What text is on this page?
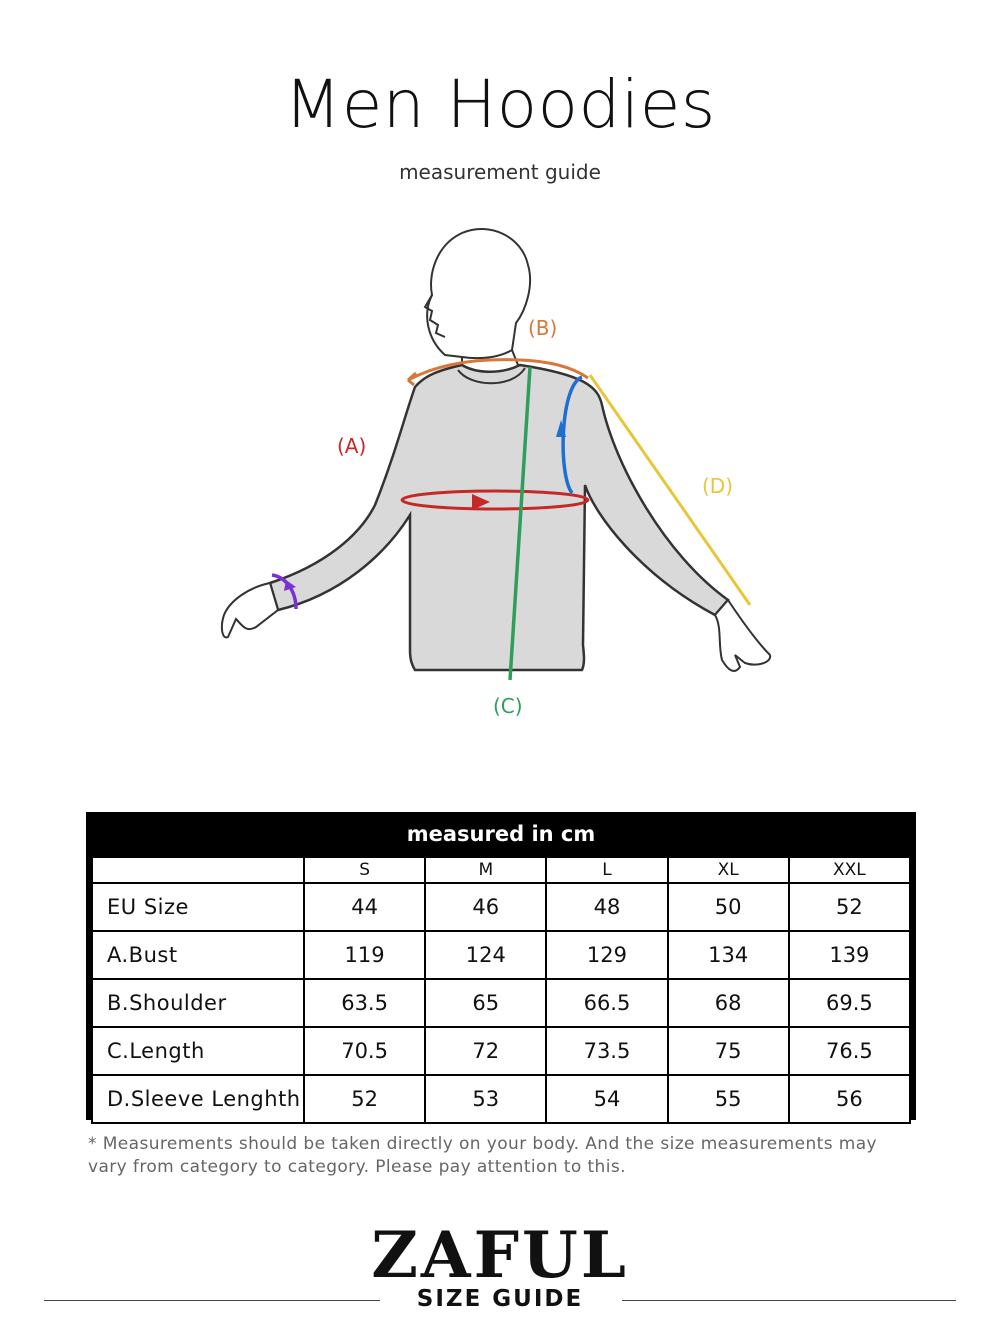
Men Hoodies
measurement guide
(B)
(A)
(C)
(D)
measured in cm
	S	M	L	XL	XXL
EU Size	44	46	48	50	52
A.Bust	119	124	129	134	139
B.Shoulder	63.5	65	66.5	68	69.5
C.Length	70.5	72	73.5	75	76.5
D.Sleeve Lenghth	52	53	54	55	56
* Measurements should be taken directly on your body. And the size measurements may vary from category to category. Please pay attention to this.
ZAFUL
SIZE GUIDE
